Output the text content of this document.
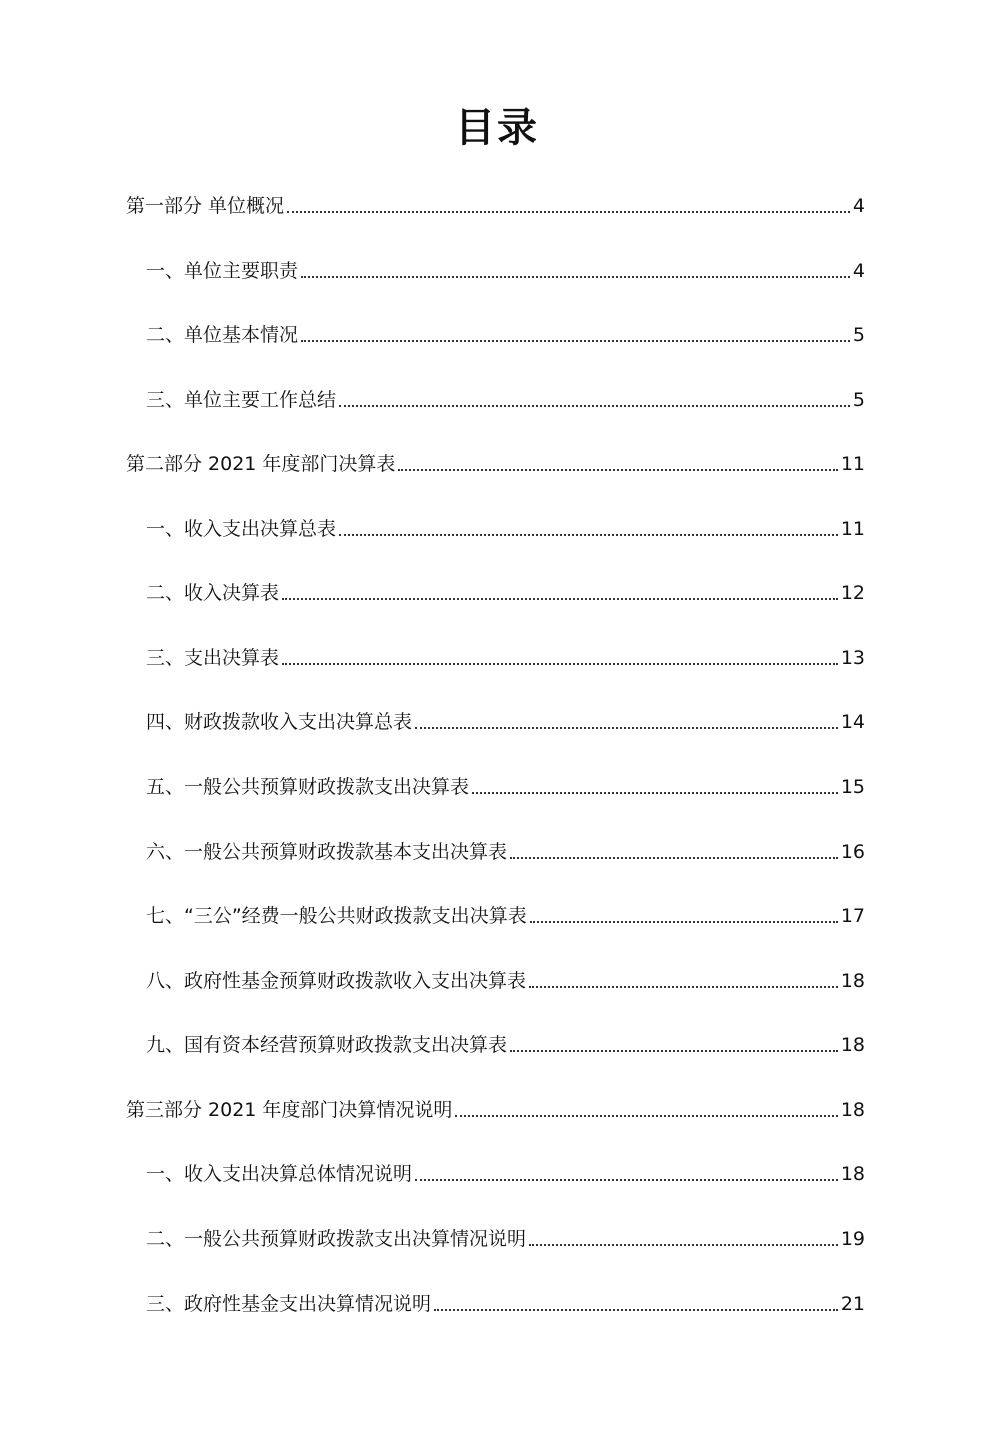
目录
第一部分 单位概况	4
一、单位主要职责	4
二、单位基本情况	5
三、单位主要工作总结	5
第二部分 2021 年度部门决算表	11
一、收入支出决算总表	11
二、收入决算表	12
三、支出决算表	13
四、财政拨款收入支出决算总表	14
五、一般公共预算财政拨款支出决算表	15
六、一般公共预算财政拨款基本支出决算表	16
七、“三公”经费一般公共财政拨款支出决算表	17
八、政府性基金预算财政拨款收入支出决算表	18
九、国有资本经营预算财政拨款支出决算表	18
第三部分 2021 年度部门决算情况说明	18
一、收入支出决算总体情况说明	18
二、一般公共预算财政拨款支出决算情况说明	19
三、政府性基金支出决算情况说明	21
